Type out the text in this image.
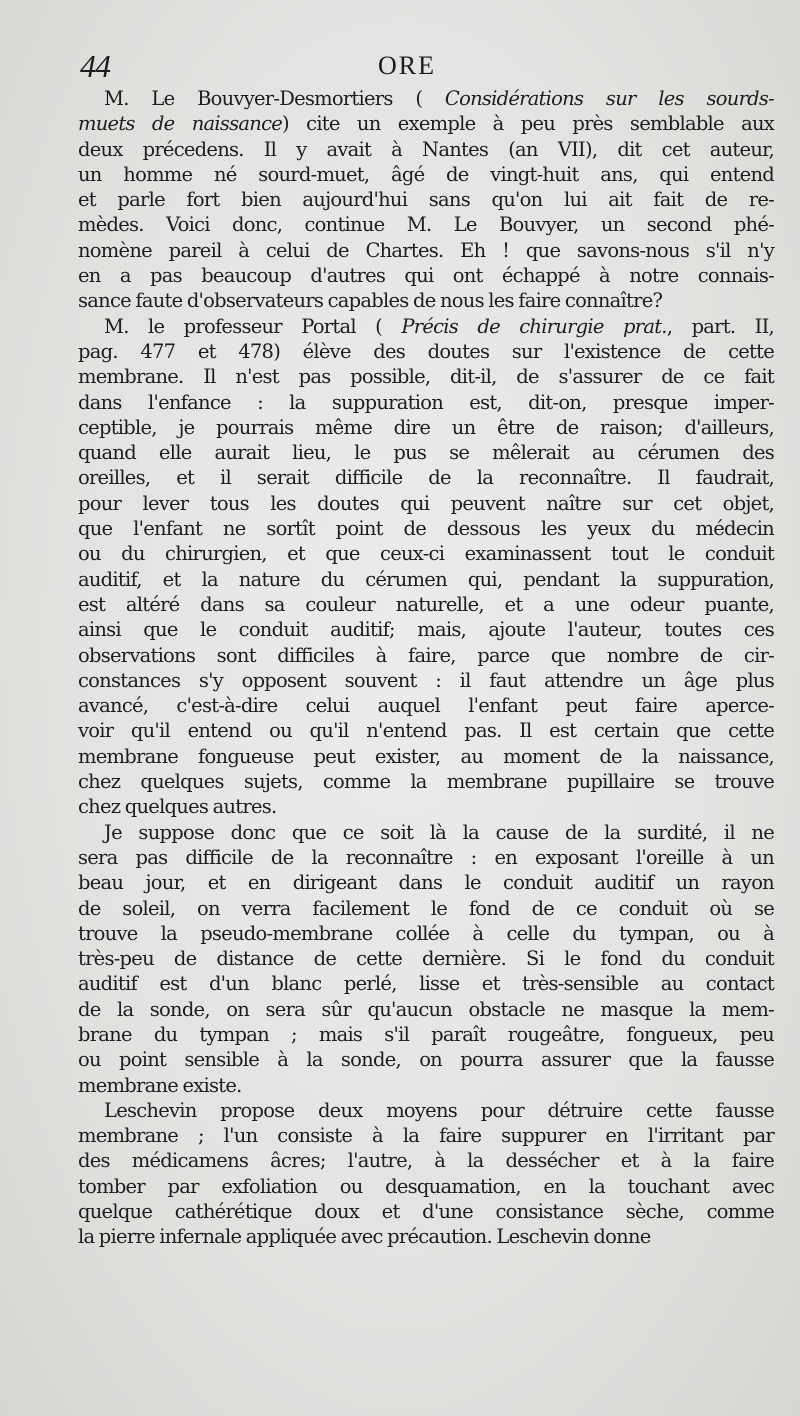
44	ORE
M. Le Bouvyer-Desmortiers ( Considérations sur les sourds-
muets de naissance) cite un exemple à peu près semblable aux
deux précedens. Il y avait à Nantes (an VII), dit cet auteur,
un homme né sourd-muet, âgé de vingt-huit ans, qui entend
et parle fort bien aujourd'hui sans qu'on lui ait fait de re-
mèdes. Voici donc, continue M. Le Bouvyer, un second phé-
nomène pareil à celui de Chartes. Eh ! que savons-nous s'il n'y
en a pas beaucoup d'autres qui ont échappé à notre connais-
sance faute d'observateurs capables de nous les faire connaître?
M. le professeur Portal ( Précis de chirurgie prat., part. II,
pag. 477 et 478) élève des doutes sur l'existence de cette
membrane. Il n'est pas possible, dit-il, de s'assurer de ce fait
dans l'enfance : la suppuration est, dit-on, presque imper-
ceptible, je pourrais même dire un être de raison; d'ailleurs,
quand elle aurait lieu, le pus se mêlerait au cérumen des
oreilles, et il serait difficile de la reconnaître. Il faudrait,
pour lever tous les doutes qui peuvent naître sur cet objet,
que l'enfant ne sortît point de dessous les yeux du médecin
ou du chirurgien, et que ceux-ci examinassent tout le conduit
auditif, et la nature du cérumen qui, pendant la suppuration,
est altéré dans sa couleur naturelle, et a une odeur puante,
ainsi que le conduit auditif; mais, ajoute l'auteur, toutes ces
observations sont difficiles à faire, parce que nombre de cir-
constances s'y opposent souvent : il faut attendre un âge plus
avancé, c'est-à-dire celui auquel l'enfant peut faire aperce-
voir qu'il entend ou qu'il n'entend pas. Il est certain que cette
membrane fongueuse peut exister, au moment de la naissance,
chez quelques sujets, comme la membrane pupillaire se trouve
chez quelques autres.
Je suppose donc que ce soit là la cause de la surdité, il ne
sera pas difficile de la reconnaître : en exposant l'oreille à un
beau jour, et en dirigeant dans le conduit auditif un rayon
de soleil, on verra facilement le fond de ce conduit où se
trouve la pseudo-membrane collée à celle du tympan, ou à
très-peu de distance de cette dernière. Si le fond du conduit
auditif est d'un blanc perlé, lisse et très-sensible au contact
de la sonde, on sera sûr qu'aucun obstacle ne masque la mem-
brane du tympan ; mais s'il paraît rougeâtre, fongueux, peu
ou point sensible à la sonde, on pourra assurer que la fausse
membrane existe.
Leschevin propose deux moyens pour détruire cette fausse
membrane ; l'un consiste à la faire suppurer en l'irritant par
des médicamens âcres; l'autre, à la dessécher et à la faire
tomber par exfoliation ou desquamation, en la touchant avec
quelque cathérétique doux et d'une consistance sèche, comme
la pierre infernale appliquée avec précaution. Leschevin donne
